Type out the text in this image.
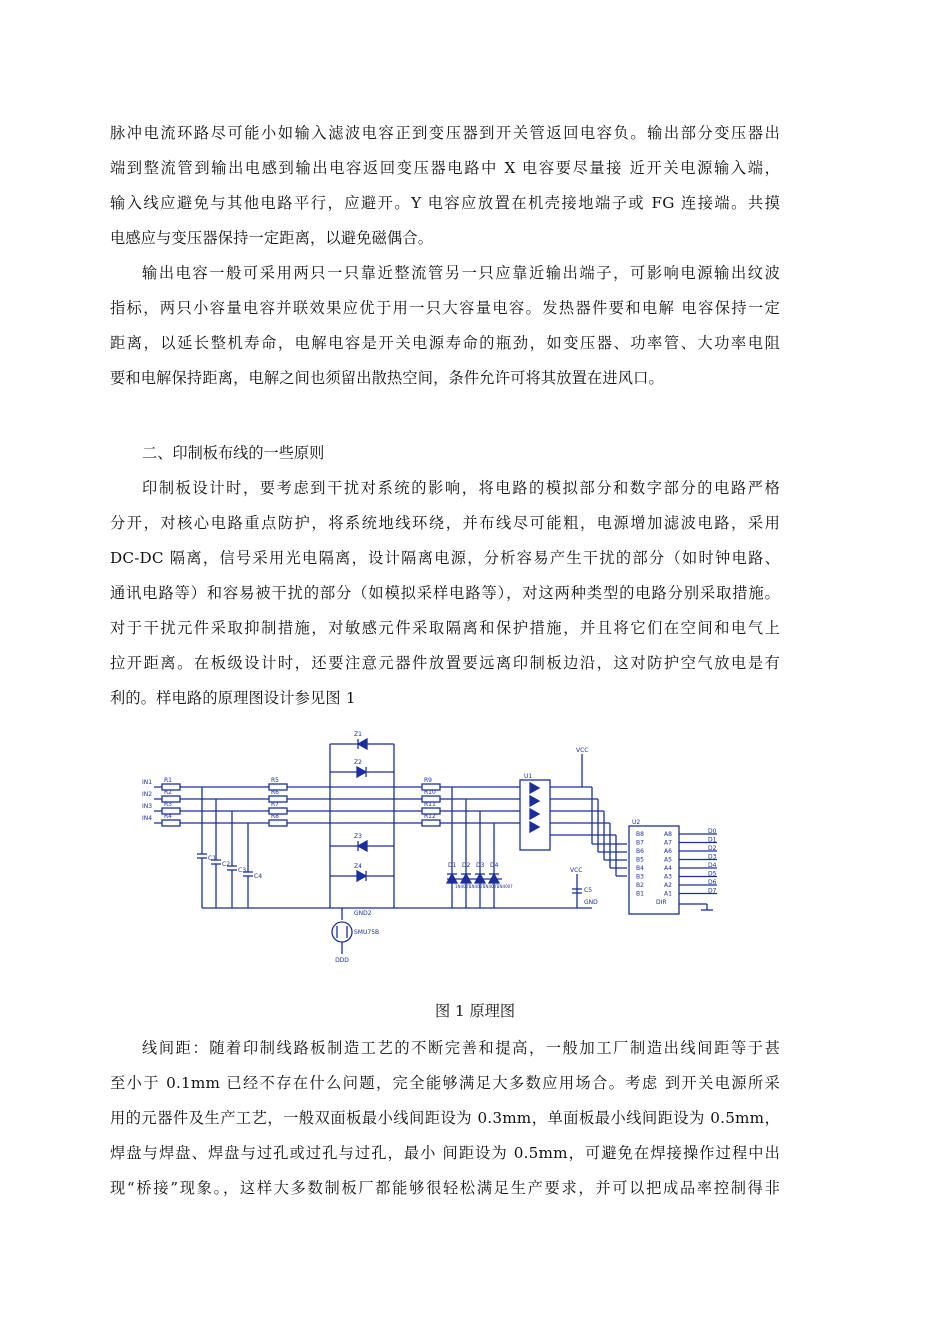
脉冲电流环路尽可能小如输入滤波电容正到变压器到开关管返回电容负。输出部分变压器出
端到整流管到输出电感到输出电容返回变压器电路中 X 电容要尽量接 近开关电源输入端，
输入线应避免与其他电路平行，应避开。Y 电容应放置在机壳接地端子或 FG 连接端。共摸
电感应与变压器保持一定距离，以避免磁偶合。
输出电容一般可采用两只一只靠近整流管另一只应靠近输出端子，可影响电源输出纹波
指标，两只小容量电容并联效果应优于用一只大容量电容。发热器件要和电解 电容保持一定
距离，以延长整机寿命，电解电容是开关电源寿命的瓶劲，如变压器、功率管、大功率电阻
要和电解保持距离，电解之间也须留出散热空间，条件允许可将其放置在进风口。
二、印制板布线的一些原则
印制板设计时，要考虑到干扰对系统的影响，将电路的模拟部分和数字部分的电路严格
分开，对核心电路重点防护，将系统地线环绕，并布线尽可能粗，电源增加滤波电路，采用
DC-DC 隔离，信号采用光电隔离，设计隔离电源，分析容易产生干扰的部分（如时钟电路、
通讯电路等）和容易被干扰的部分（如模拟采样电路等），对这两种类型的电路分别采取措施。
对于干扰元件采取抑制措施，对敏感元件采取隔离和保护措施，并且将它们在空间和电气上
拉开距离。在板级设计时，还要注意元器件放置要远离印制板边沿，这对防护空气放电是有
利的。样电路的原理图设计参见图 1
IN1 R1	R5	R9
IN2 R2	R6	R10
IN3 R3	R7	R11
IN4 R4	R8	R12
C1
C2
C3
C4
Z1
Z2
Z3
Z4
GND2
SMU75B
DDD
D1
1N4007
D2
1N4007
D3
1N4007
D4
1N4007
U1
VCC
VCC
C5
GND
U2
B8
B7
B6
B5
B4
B3
B2
B1
A8
A7
A6
A5
A4
A3
A2
A1
DIR
D0
D1
D2
D3
D4
D5
D6
D7
图 1 原理图
线间距：随着印制线路板制造工艺的不断完善和提高，一般加工厂制造出线间距等于甚
至小于 0.1mm 已经不存在什么问题，完全能够满足大多数应用场合。考虑 到开关电源所采
用的元器件及生产工艺，一般双面板最小线间距设为 0.3mm，单面板最小线间距设为 0.5mm，
焊盘与焊盘、焊盘与过孔或过孔与过孔，最小 间距设为 0.5mm，可避免在焊接操作过程中出
现“桥接”现象。，这样大多数制板厂都能够很轻松满足生产要求，并可以把成品率控制得非
